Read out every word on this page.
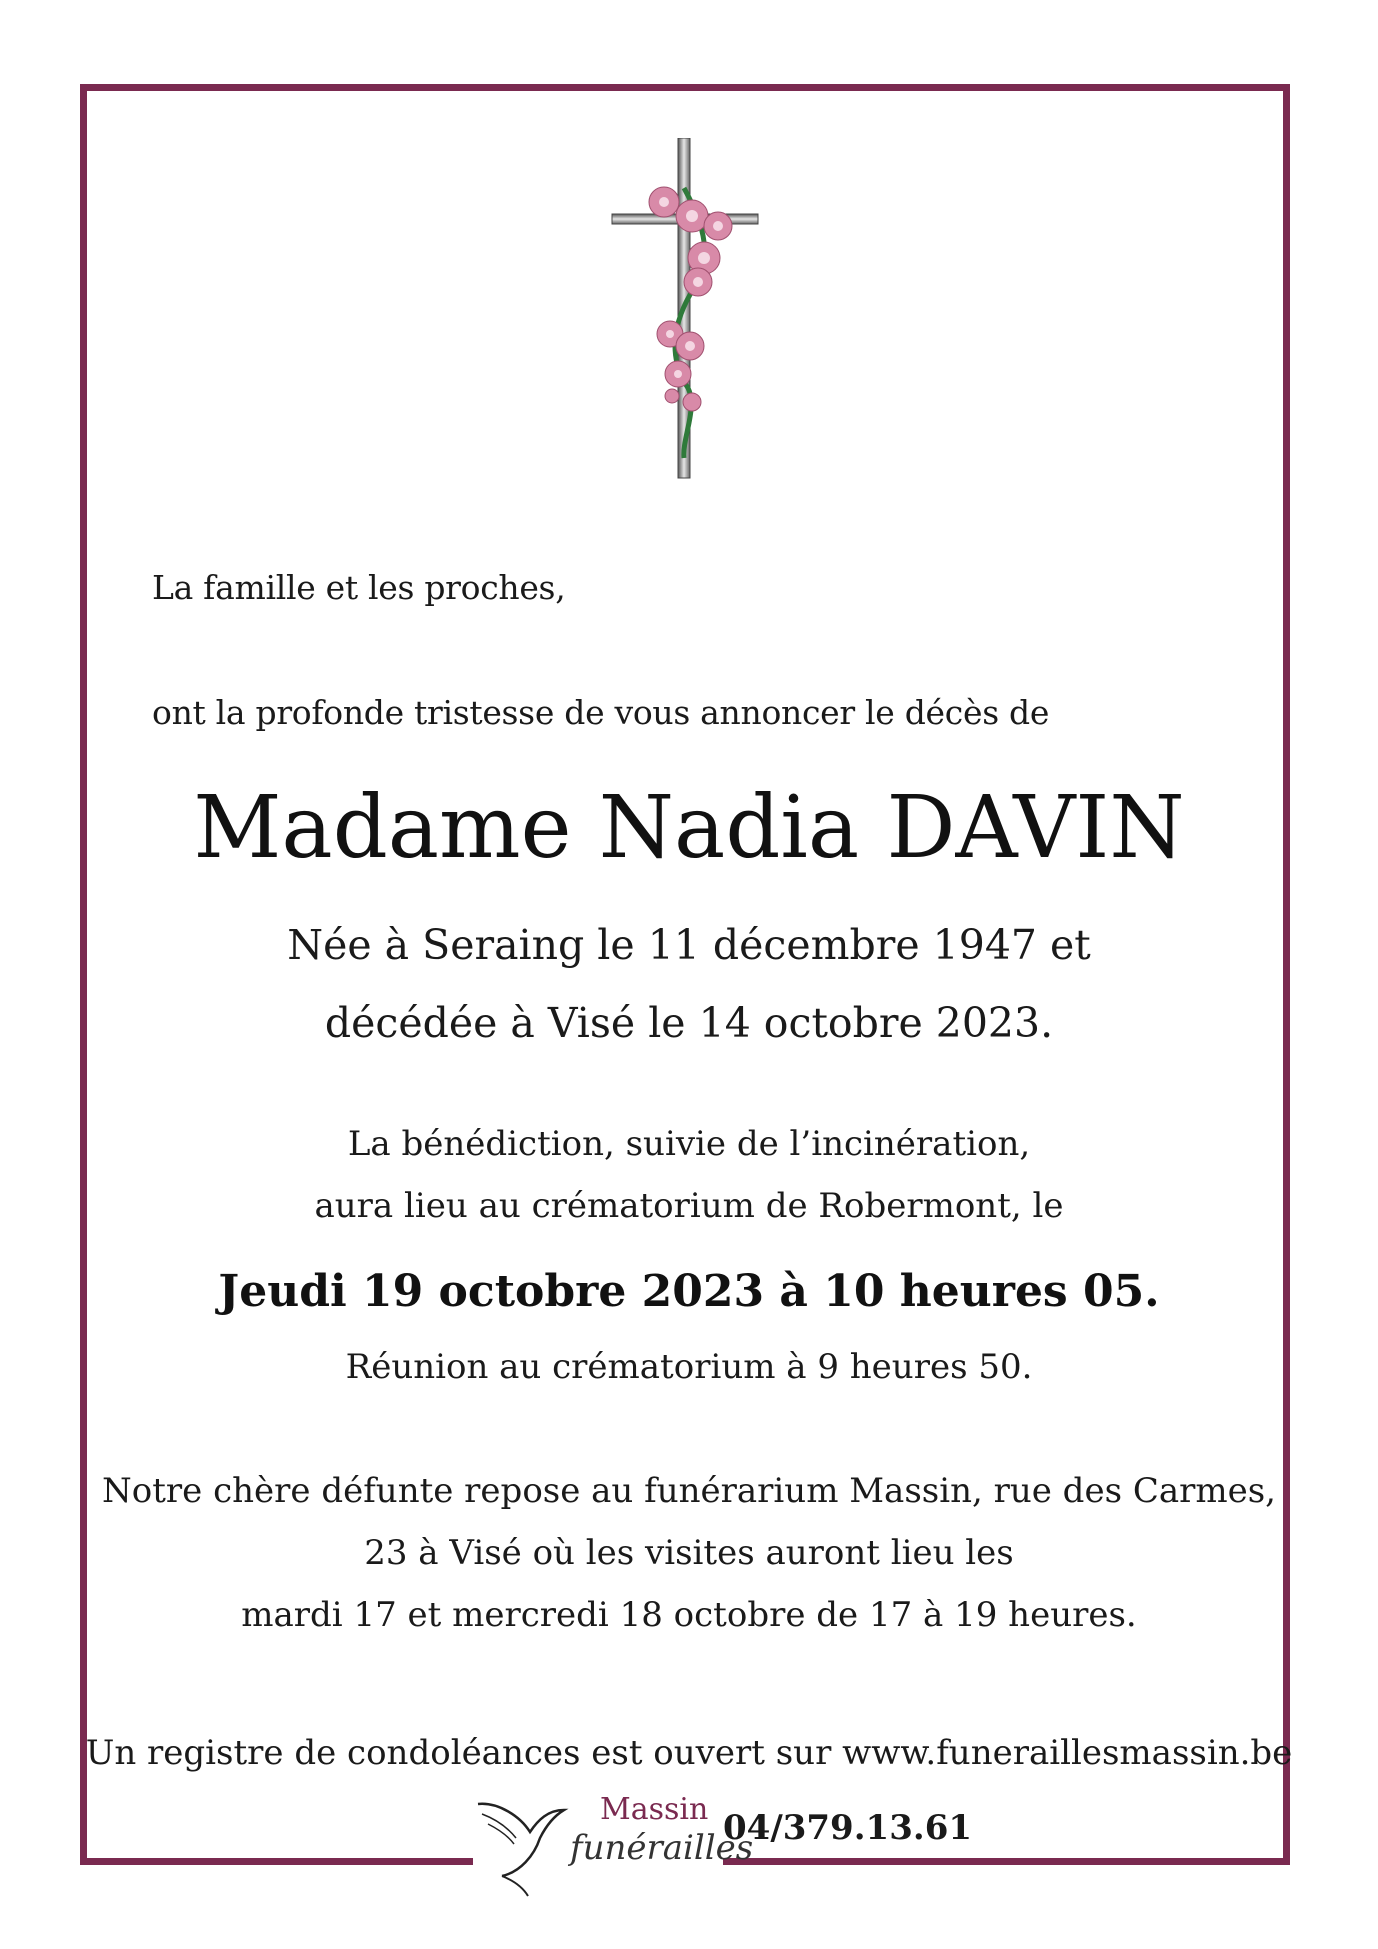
La famille et les proches,
ont la profonde tristesse de vous annoncer le décès de
Madame Nadia DAVIN
Née à Seraing le 11 décembre 1947 et
décédée à Visé le 14 octobre 2023.
La bénédiction, suivie de l’incinération,
aura lieu au crématorium de Robermont, le
Jeudi 19 octobre 2023 à 10 heures 05.
Réunion au crématorium à 9 heures 50.
Notre chère défunte repose au funérarium Massin, rue des Carmes,
23 à Visé où les visites auront lieu les
mardi 17 et mercredi 18 octobre de 17 à 19 heures.
Un registre de condoléances est ouvert sur www.funeraillesmassin.be
Massin
funérailles
04/379.13.61
